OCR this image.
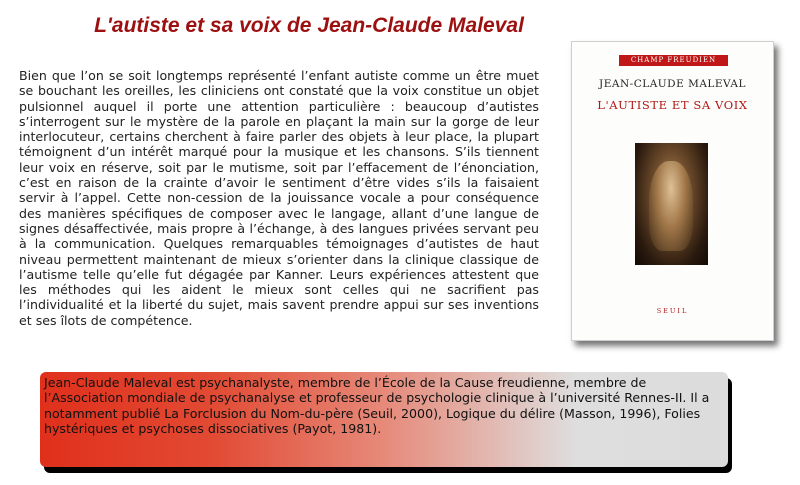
L'autiste et sa voix de Jean-Claude Maleval

Bien que l’on se soit longtemps représenté l’enfant autiste comme un être muet se bouchant les oreilles, les cliniciens ont constaté que la voix constitue un objet pulsionnel auquel il porte une attention particulière : beaucoup d’autistes s’interrogent sur le mystère de la parole en plaçant la main sur la gorge de leur interlocuteur, certains cherchent à faire parler des objets à leur place, la plupart témoignent d’un intérêt marqué pour la musique et les chansons. S’ils tiennent leur voix en réserve, soit par le mutisme, soit par l’effacement de l’énonciation, c’est en raison de la crainte d’avoir le sentiment d’être vides s’ils la faisaient servir à l’appel. Cette non-cession de la jouissance vocale a pour conséquence des manières spécifiques de composer avec le langage, allant d’une langue de signes désaffectivée, mais propre à l’échange, à des langues privées servant peu à la communication. Quelques remarquables témoignages d’autistes de haut niveau permettent maintenant de mieux s’orienter dans la clinique classique de l’autisme telle qu’elle fut dégagée par Kanner. Leurs expériences attestent que les méthodes qui les aident le mieux sont celles qui ne sacrifient pas l’individualité et la liberté du sujet, mais savent prendre appui sur ses inventions et ses îlots de compétence.

CHAMP FREUDIEN
JEAN-CLAUDE MALEVAL
L'AUTISTE ET SA VOIX
SEUIL

Jean-Claude Maleval est psychanalyste, membre de l’École de la Cause freudienne, membre de l’Association mondiale de psychanalyse et professeur de psychologie clinique à l’université Rennes-II. Il a notamment publié La Forclusion du Nom-du-père (Seuil, 2000), Logique du délire (Masson, 1996), Folies hystériques et psychoses dissociatives (Payot, 1981).
